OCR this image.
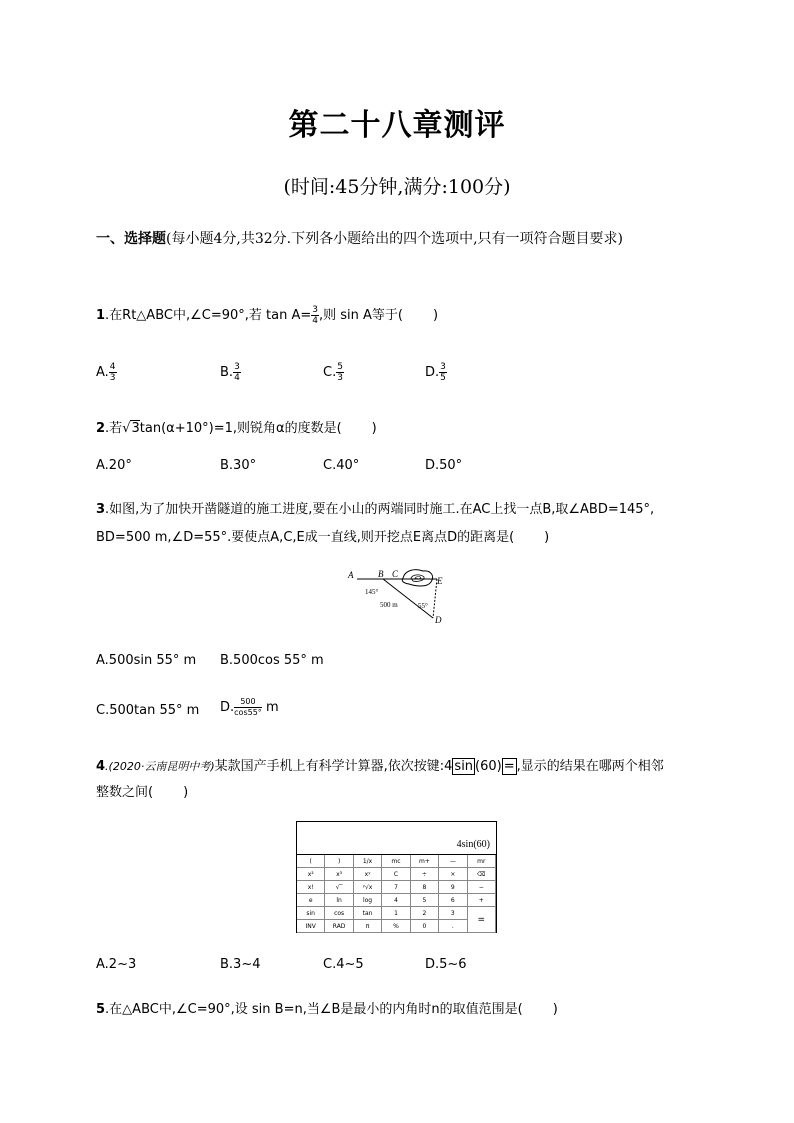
第二十八章测评
(时间:45分钟,满分:100分)
一、选择题(每小题4分,共32分.下列各小题给出的四个选项中,只有一项符合题目要求)
1.在Rt△ABC中,∠C=90°,若 $\tan A= \frac{3}{4}$ ,则 sin A等于( )
A. $\frac{4}{3}$	B. $\frac{3}{4}$	C. $\frac{5}{3}$	D. $\frac{3}{5}$
2.若√3tan(α+10°)=1,则锐角α的度数是( )
A.20°	B.30°	C.40°	D.50°
3.如图,为了加快开凿隧道的施工进度,要在小山的两端同时施工.在AC上找一点B,取∠ABD=145°,
BD=500 m,∠D=55°.要使点A,C,E成一直线,则开挖点E离点D的距离是( )
A	B C
E
D
145°
500 m	55°
A.500sin 55° m B.500cos 55° m
C.500tan 55° m D. $\frac{500}{\cos 55^\circ}$ m
4.(2020·云南昆明中考)某款国产手机上有科学计算器,依次按键:4 sin (60) = ,显示的结果在哪两个相邻
整数之间( )
4sin(60)
(	)	1/x	mc	m+	—	mr
x²	x³	xʸ	C	÷	×	⌫
x!	√‾	ʸ√x	7	8	9	−
e	ln	log	4	5	6	+
sin	cos	tan	1	2	3
=
INV	RAD	π	%	0	.
A.2~3	B.3~4	C.4~5	D.5~6
5.在△ABC中,∠C=90°,设 sin B=n,当∠B是最小的内角时n的取值范围是( )
